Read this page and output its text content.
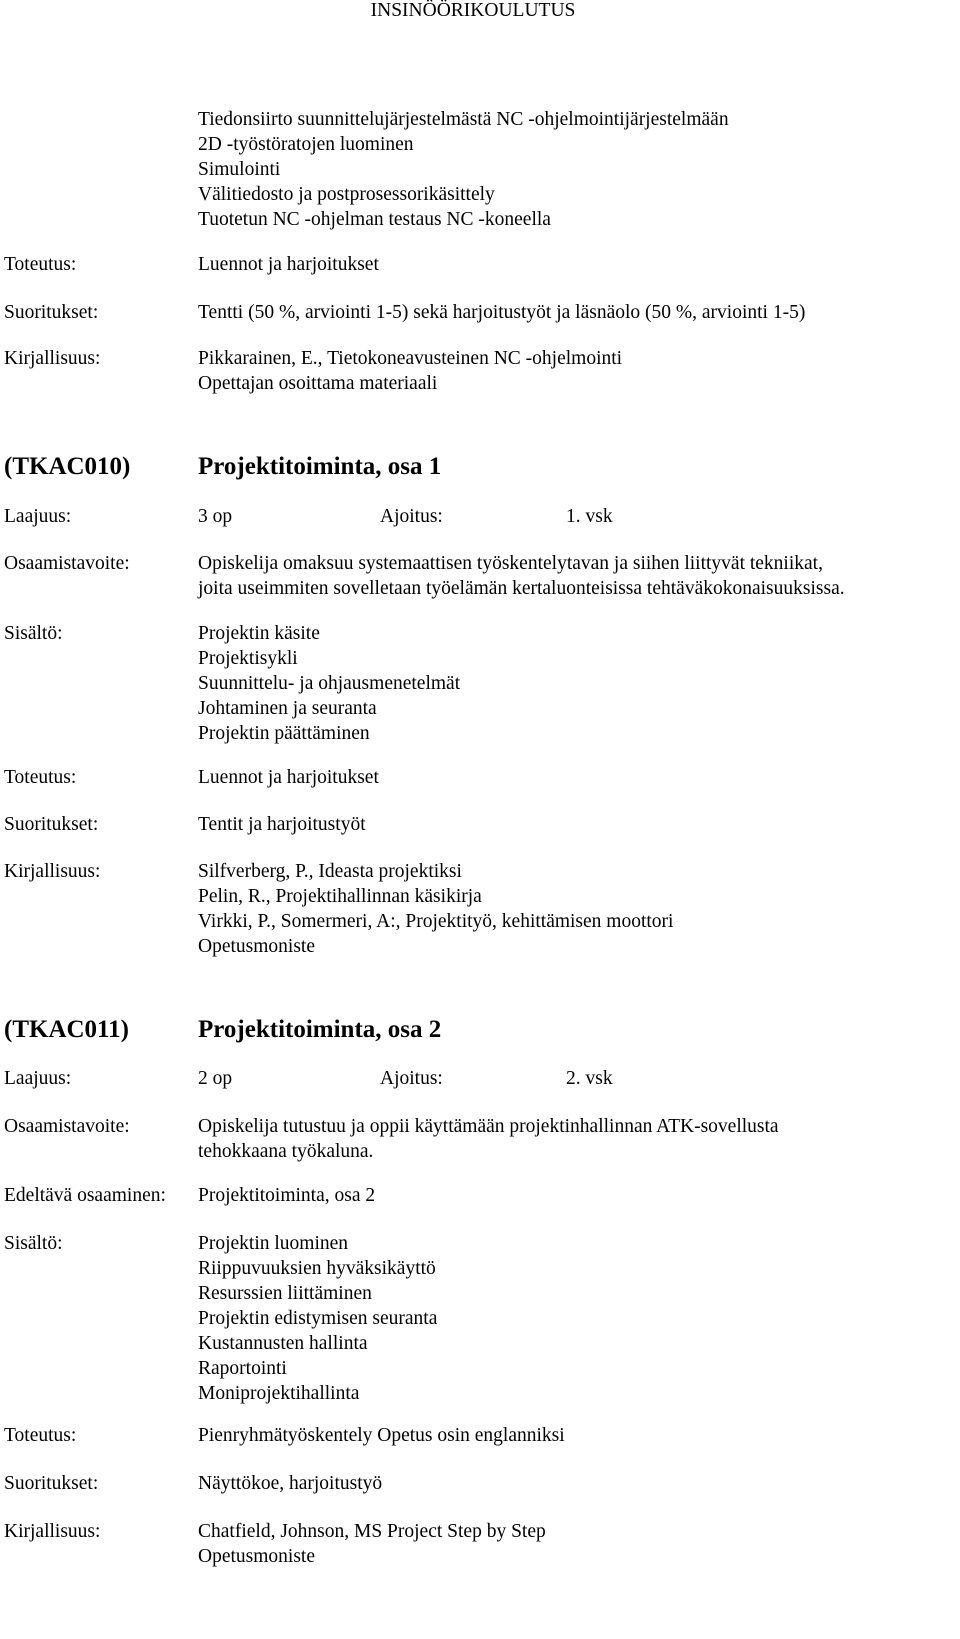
INSINÖÖRIKOULUTUS
Tiedonsiirto suunnittelujärjestelmästä NC -ohjelmointijärjestelmään
2D -työstöratojen luominen
Simulointi
Välitiedosto ja postprosessorikäsittely
Tuotetun NC -ohjelman testaus NC -koneella
Toteutus:	Luennot ja harjoitukset
Suoritukset:	Tentti (50 %, arviointi 1-5) sekä harjoitustyöt ja läsnäolo (50 %, arviointi 1-5)
Kirjallisuus:	Pikkarainen, E., Tietokoneavusteinen NC -ohjelmointi
Opettajan osoittama materiaali
(TKAC010)	Projektitoiminta, osa 1
Laajuus:	3 op	Ajoitus:	1. vsk
Osaamistavoite:	Opiskelija omaksuu systemaattisen työskentelytavan ja siihen liittyvät tekniikat,
joita useimmiten sovelletaan työelämän kertaluonteisissa tehtäväkokonaisuuksissa.
Sisältö:	Projektin käsite
Projektisykli
Suunnittelu- ja ohjausmenetelmät
Johtaminen ja seuranta
Projektin päättäminen
Toteutus:	Luennot ja harjoitukset
Suoritukset:	Tentit ja harjoitustyöt
Kirjallisuus:	Silfverberg, P., Ideasta projektiksi
Pelin, R., Projektihallinnan käsikirja
Virkki, P., Somermeri, A:, Projektityö, kehittämisen moottori
Opetusmoniste
(TKAC011)	Projektitoiminta, osa 2
Laajuus:	2 op	Ajoitus:	2. vsk
Osaamistavoite:	Opiskelija tutustuu ja oppii käyttämään projektinhallinnan ATK-sovellusta
tehokkaana työkaluna.
Edeltävä osaaminen: Projektitoiminta, osa 2
Sisältö:	Projektin luominen
Riippuvuuksien hyväksikäyttö
Resurssien liittäminen
Projektin edistymisen seuranta
Kustannusten hallinta
Raportointi
Moniprojektihallinta
Toteutus:	Pienryhmätyöskentely Opetus osin englanniksi
Suoritukset:	Näyttökoe, harjoitustyö
Kirjallisuus:	Chatfield, Johnson, MS Project Step by Step
Opetusmoniste
